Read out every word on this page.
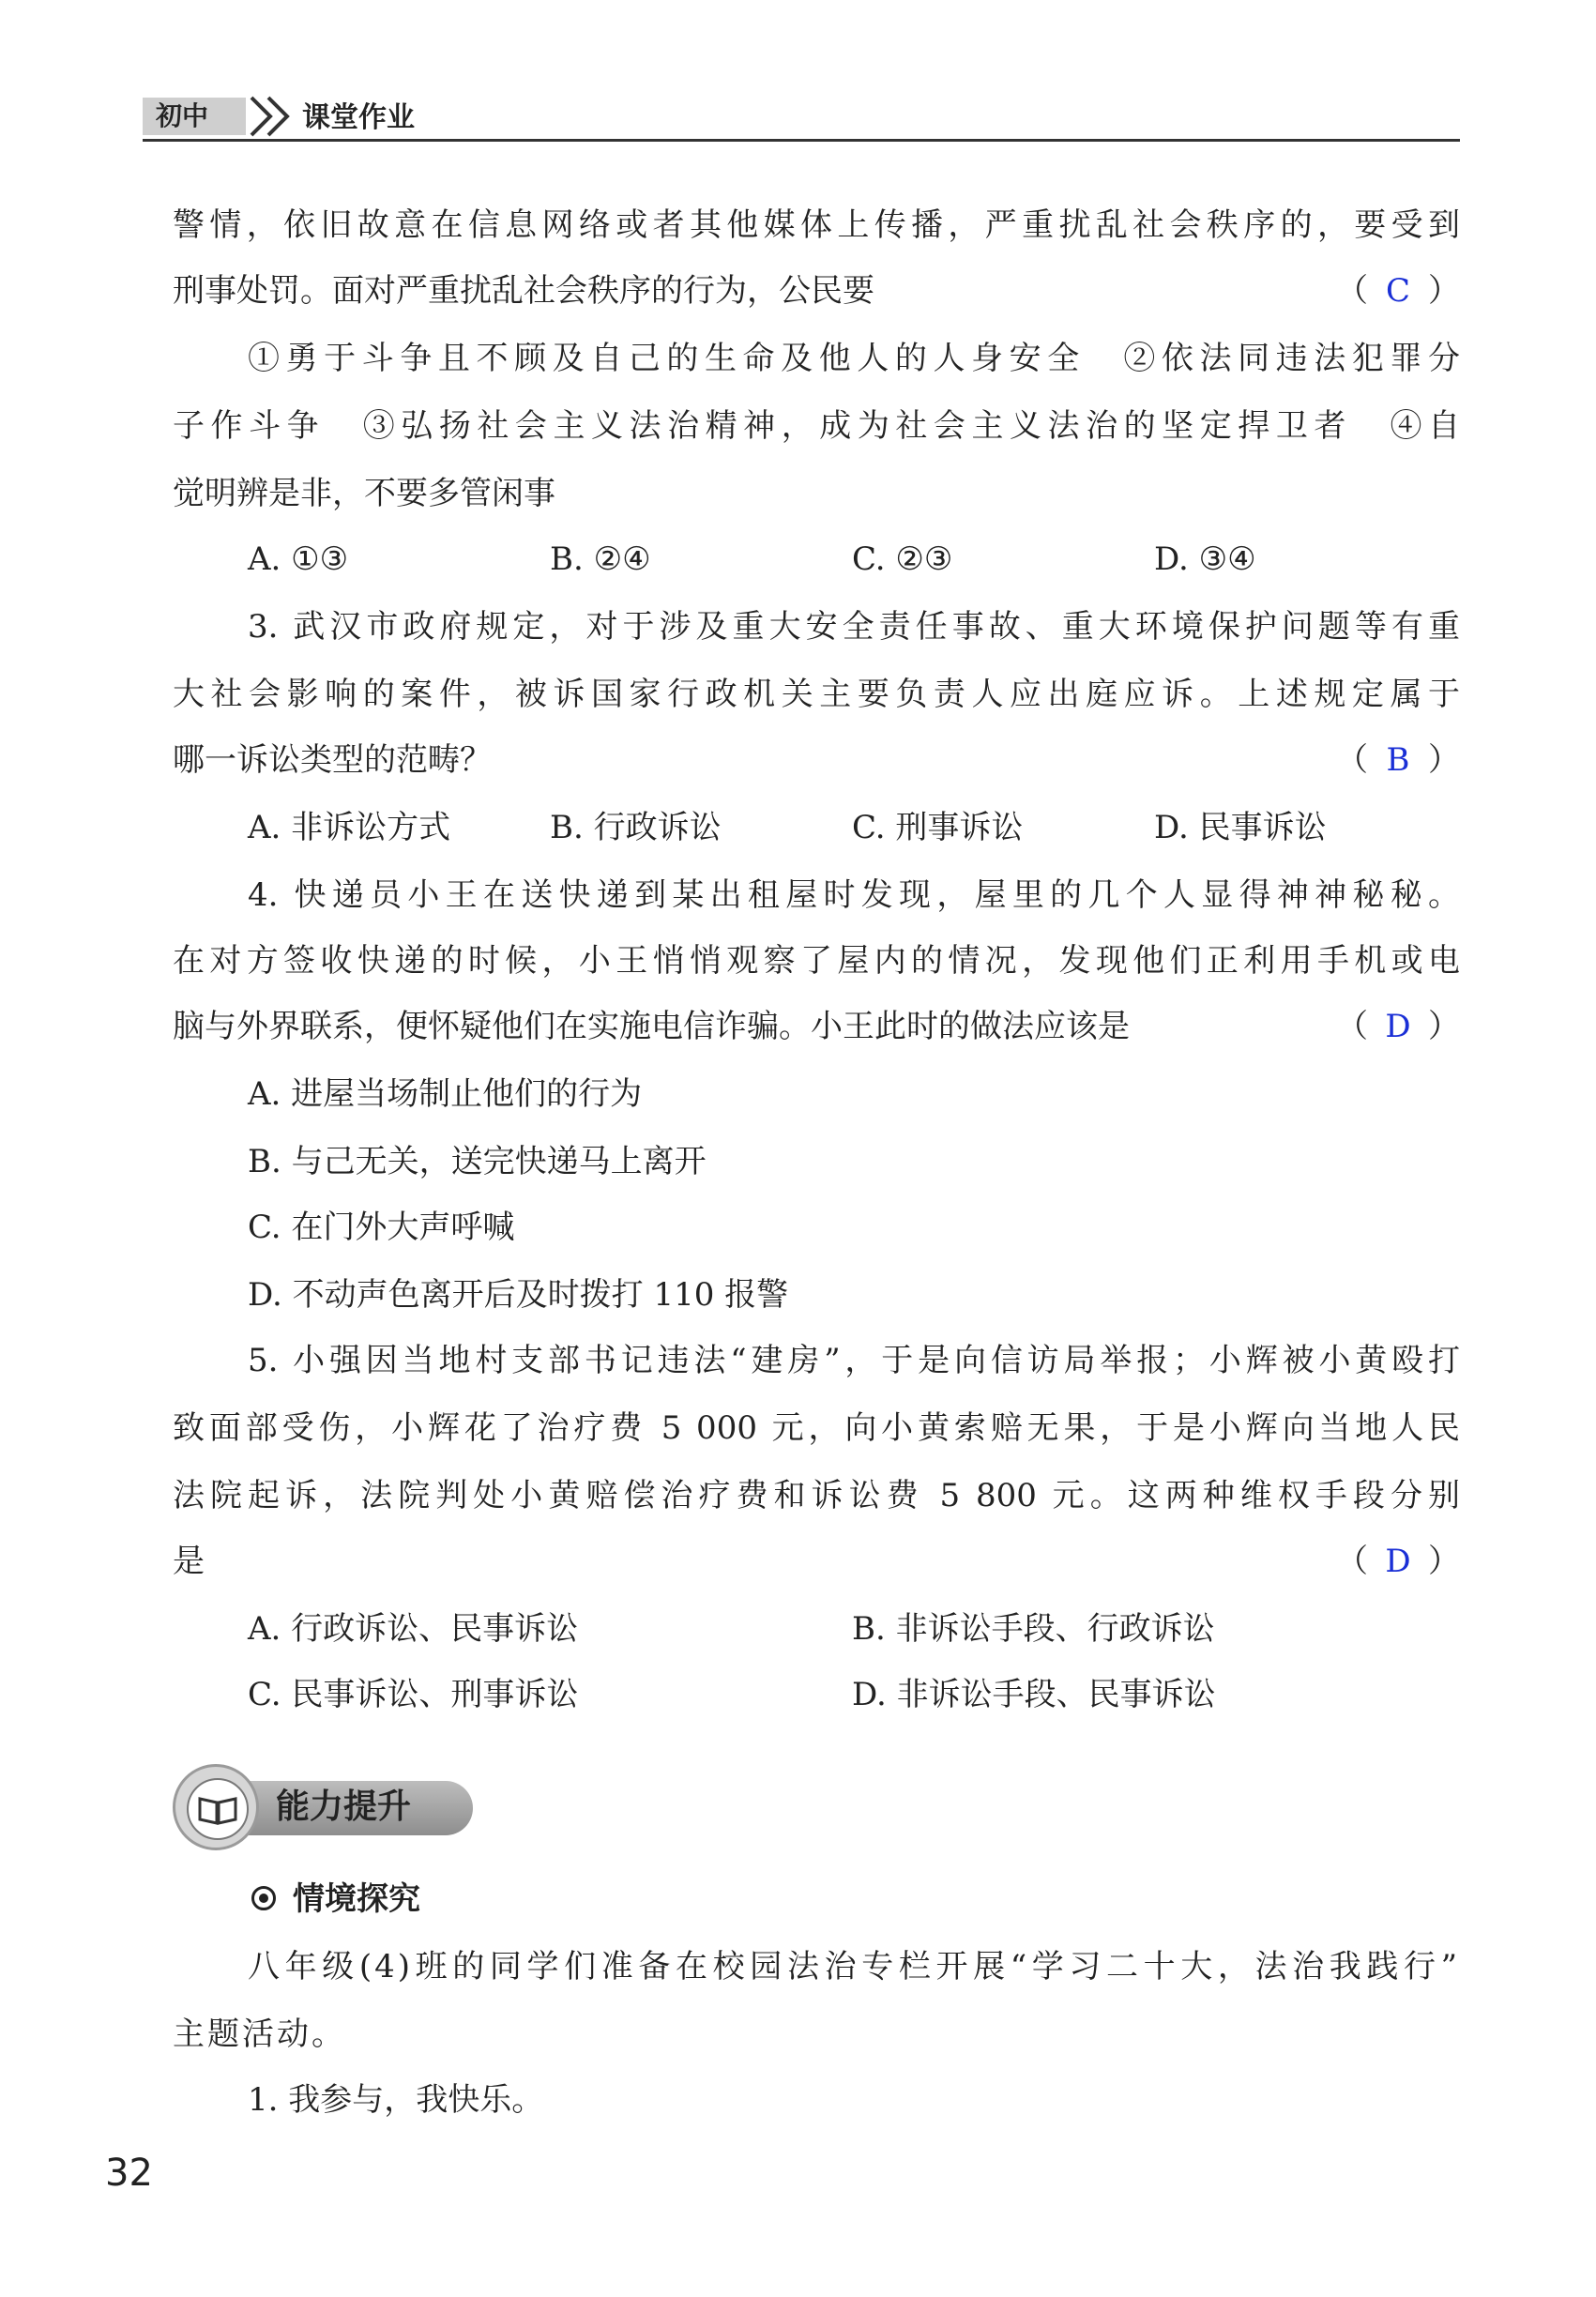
初中	课堂作业
警情，依旧故意在信息网络或者其他媒体上传播，严重扰乱社会秩序的，要受到
刑事处罚。面对严重扰乱社会秩序的行为，公民要	（ C ）
①勇于斗争且不顾及自己的生命及他人的人身安全　②依法同违法犯罪分
子作斗争　③弘扬社会主义法治精神，成为社会主义法治的坚定捍卫者　④自
觉明辨是非，不要多管闲事
A. ①③	B. ②④	C. ②③	D. ③④
3. 武汉市政府规定，对于涉及重大安全责任事故、重大环境保护问题等有重
大社会影响的案件，被诉国家行政机关主要负责人应出庭应诉。上述规定属于
哪一诉讼类型的范畴？	（ B ）
A. 非诉讼方式	B. 行政诉讼	C. 刑事诉讼	D. 民事诉讼
4. 快递员小王在送快递到某出租屋时发现，屋里的几个人显得神神秘秘。
在对方签收快递的时候，小王悄悄观察了屋内的情况，发现他们正利用手机或电
脑与外界联系，便怀疑他们在实施电信诈骗。小王此时的做法应该是	（ D ）
A. 进屋当场制止他们的行为
B. 与己无关，送完快递马上离开
C. 在门外大声呼喊
D. 不动声色离开后及时拨打 110 报警
5. 小强因当地村支部书记违法“建房”，于是向信访局举报；小辉被小黄殴打
致面部受伤，小辉花了治疗费 5 000 元，向小黄索赔无果，于是小辉向当地人民
法院起诉，法院判处小黄赔偿治疗费和诉讼费 5 800 元。这两种维权手段分别
是	（ D ）
A. 行政诉讼、民事诉讼	B. 非诉讼手段、行政诉讼
C. 民事诉讼、刑事诉讼	D. 非诉讼手段、民事诉讼
能力提升
情境探究
八年级(4)班的同学们准备在校园法治专栏开展“学习二十大，法治我践行”
主题活动。
1. 我参与，我快乐。
32
